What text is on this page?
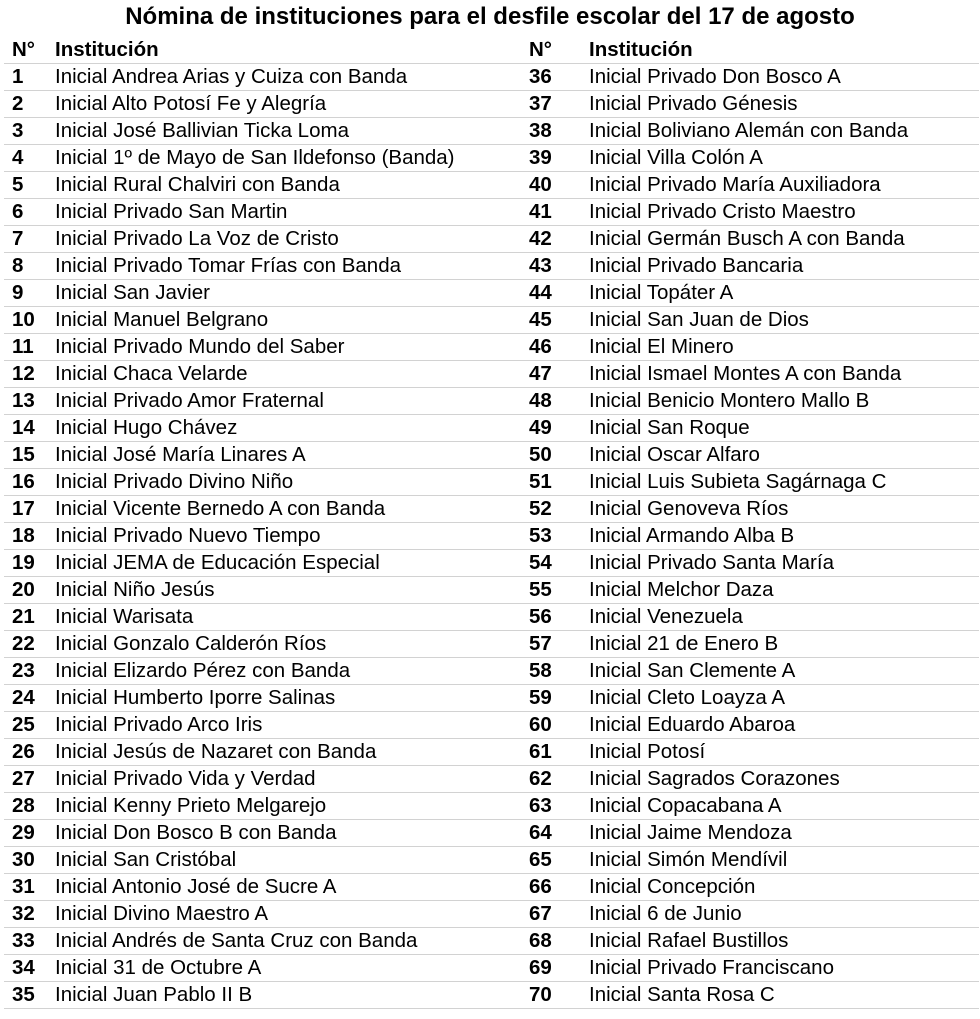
Nómina de instituciones para el desfile escolar del 17 de agosto
N°	Institución
1	Inicial Andrea Arias y Cuiza con Banda
2	Inicial Alto Potosí Fe y Alegría
3	Inicial José Ballivian Ticka Loma
4	Inicial 1º de Mayo de San Ildefonso (Banda)
5	Inicial Rural Chalviri con Banda
6	Inicial Privado San Martin
7	Inicial Privado La Voz de Cristo
8	Inicial Privado Tomar Frías con Banda
9	Inicial San Javier
10	Inicial Manuel Belgrano
11	Inicial Privado Mundo del Saber
12	Inicial Chaca Velarde
13	Inicial Privado Amor Fraternal
14	Inicial Hugo Chávez
15	Inicial José María Linares A
16	Inicial Privado Divino Niño
17	Inicial Vicente Bernedo A con Banda
18	Inicial Privado Nuevo Tiempo
19	Inicial JEMA de Educación Especial
20	Inicial Niño Jesús
21	Inicial Warisata
22	Inicial Gonzalo Calderón Ríos
23	Inicial Elizardo Pérez con Banda
24	Inicial Humberto Iporre Salinas
25	Inicial Privado Arco Iris
26	Inicial Jesús de Nazaret con Banda
27	Inicial Privado Vida y Verdad
28	Inicial Kenny Prieto Melgarejo
29	Inicial Don Bosco B con Banda
30	Inicial San Cristóbal
31	Inicial Antonio José de Sucre A
32	Inicial Divino Maestro A
33	Inicial Andrés de Santa Cruz con Banda
34	Inicial 31 de Octubre A
35	Inicial Juan Pablo II B
N°	Institución
36	Inicial Privado Don Bosco A
37	Inicial Privado Génesis
38	Inicial Boliviano Alemán con Banda
39	Inicial Villa Colón A
40	Inicial Privado María Auxiliadora
41	Inicial Privado Cristo Maestro
42	Inicial Germán Busch A con Banda
43	Inicial Privado Bancaria
44	Inicial Topáter A
45	Inicial San Juan de Dios
46	Inicial El Minero
47	Inicial Ismael Montes A con Banda
48	Inicial Benicio Montero Mallo B
49	Inicial San Roque
50	Inicial Oscar Alfaro
51	Inicial Luis Subieta Sagárnaga C
52	Inicial Genoveva Ríos
53	Inicial Armando Alba B
54	Inicial Privado Santa María
55	Inicial Melchor Daza
56	Inicial Venezuela
57	Inicial 21 de Enero B
58	Inicial San Clemente A
59	Inicial Cleto Loayza A
60	Inicial Eduardo Abaroa
61	Inicial Potosí
62	Inicial Sagrados Corazones
63	Inicial Copacabana A
64	Inicial Jaime Mendoza
65	Inicial Simón Mendívil
66	Inicial Concepción
67	Inicial 6 de Junio
68	Inicial Rafael Bustillos
69	Inicial Privado Franciscano
70	Inicial Santa Rosa C
